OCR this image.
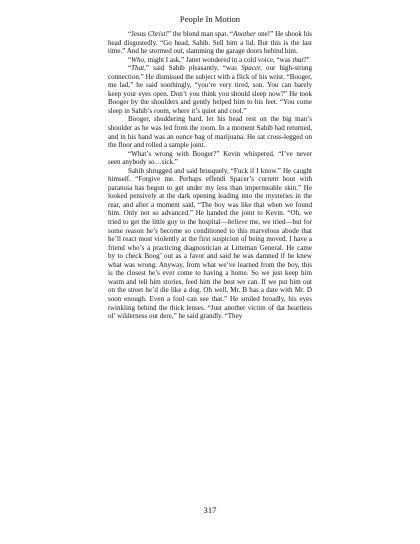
People In Motion

“Jesus Christ!” the blond man spat. “Another one!” He shook his head disgustedly. “Go head, Sahib. Sell him a lid. But this is the last time.” And he stormed out, slamming the garage doors behind him.

“Who, might I ask,” Janet wondered in a cold voice, “was that?”

“That,” said Sahib pleasantly, “was Spacer, our high-strung connection.” He dismissed the subject with a flick of his wrist. “Booger, me lad,” he said soothingly, “you’re very tired, son. You can barely keep your eyes open. Don’t you think you should sleep now?” He took Booger by the shoulders and gently helped him to his feet. “You come sleep in Sahib’s room, where it’s quiet and cool.”

Booger, shuddering hard, let his head rest on the big man’s shoulder as he was led from the room. In a moment Sahib had returned, and in his hand was an ounce bag of marijuana. He sat cross-legged on the floor and rolled a sample joint.

“What’s wrong with Booger?” Kevin whispered. “I’ve never seen anybody so…sick.”

Sahib shrugged and said brusquely, “Fuck if I know.” He caught himself. “Forgive me. Perhaps effendi Spacer’s current bout with paranoia has begun to get under my less than impermeable skin.” He looked pensively at the dark opening leading into the mysteries in the rear, and after a moment said, “The boy was like that when we found him. Only not so advanced.” He handed the joint to Kevin. “Oh, we tried to get the little guy to the hospital—believe me, we tried—but for some reason he’s become so conditioned to this marvelous abode that he’ll react most violently at the first suspicion of being moved. I have a friend who’s a practicing diagnostician at Litteman General. He came by to check Boog’ out as a favor and said he was damned if he knew what was wrong. Anyway, from what we’ve learned from the boy, this is the closest he’s ever come to having a home. So we just keep him warm and tell him stories, feed him the best we can. If we put him out on the street he’d die like a dog. Oh well, Mr. B has a date with Mr. D soon enough. Even a fool can see that.” He smiled broadly, his eyes twinkling behind the thick lenses. “Just another victim of dat heartless ol’ wilderness out dere,” he said grandly. “They

317
